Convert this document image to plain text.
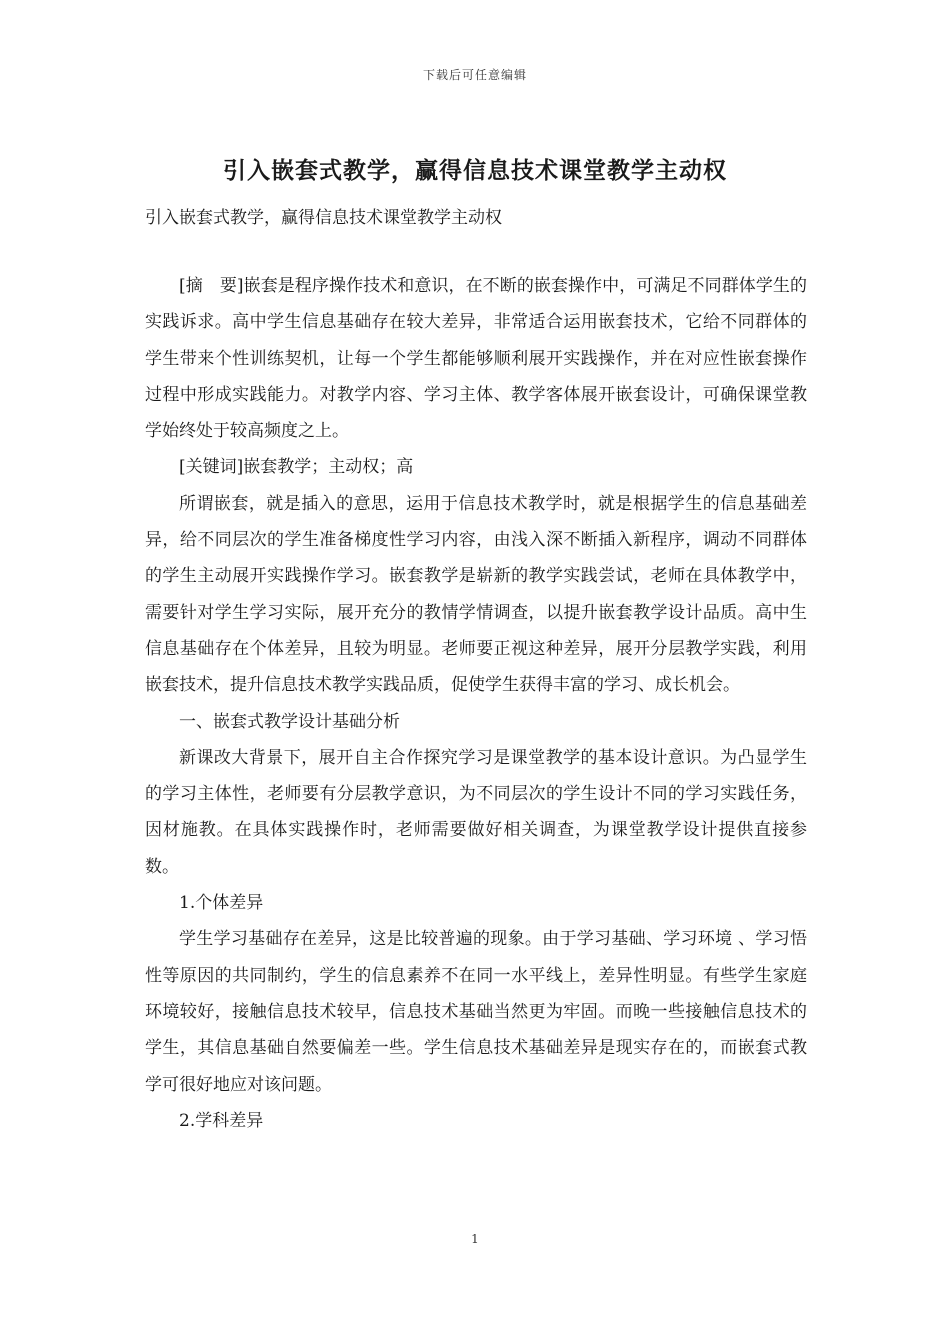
下载后可任意编辑
引入嵌套式教学，赢得信息技术课堂教学主动权
引入嵌套式教学，赢得信息技术课堂教学主动权

[摘　要]嵌套是程序操作技术和意识，在不断的嵌套操作中，可满足不同群体学生的实践诉求。高中学生信息基础存在较大差异，非常适合运用嵌套技术，它给不同群体的学生带来个性训练契机，让每一个学生都能够顺利展开实践操作，并在对应性嵌套操作过程中形成实践能力。对教学内容、学习主体、教学客体展开嵌套设计，可确保课堂教学始终处于较高频度之上。

[关键词]嵌套教学；主动权；高

所谓嵌套，就是插入的意思，运用于信息技术教学时，就是根据学生的信息基础差异，给不同层次的学生准备梯度性学习内容，由浅入深不断插入新程序，调动不同群体的学生主动展开实践操作学习。嵌套教学是崭新的教学实践尝试，老师在具体教学中，需要针对学生学习实际，展开充分的教情学情调查，以提升嵌套教学设计品质。高中生信息基础存在个体差异，且较为明显。老师要正视这种差异，展开分层教学实践，利用嵌套技术，提升信息技术教学实践品质，促使学生获得丰富的学习、成长机会。

一、嵌套式教学设计基础分析

新课改大背景下，展开自主合作探究学习是课堂教学的基本设计意识。为凸显学生的学习主体性，老师要有分层教学意识，为不同层次的学生设计不同的学习实践任务，因材施教。在具体实践操作时，老师需要做好相关调查，为课堂教学设计提供直接参数。

1.个体差异

学生学习基础存在差异，这是比较普遍的现象。由于学习基础、学习环境 、学习悟性等原因的共同制约，学生的信息素养不在同一水平线上，差异性明显。有些学生家庭环境较好，接触信息技术较早，信息技术基础当然更为牢固。而晚一些接触信息技术的学生，其信息基础自然要偏差一些。学生信息技术基础差异是现实存在的，而嵌套式教学可很好地应对该问题。

2.学科差异

1
